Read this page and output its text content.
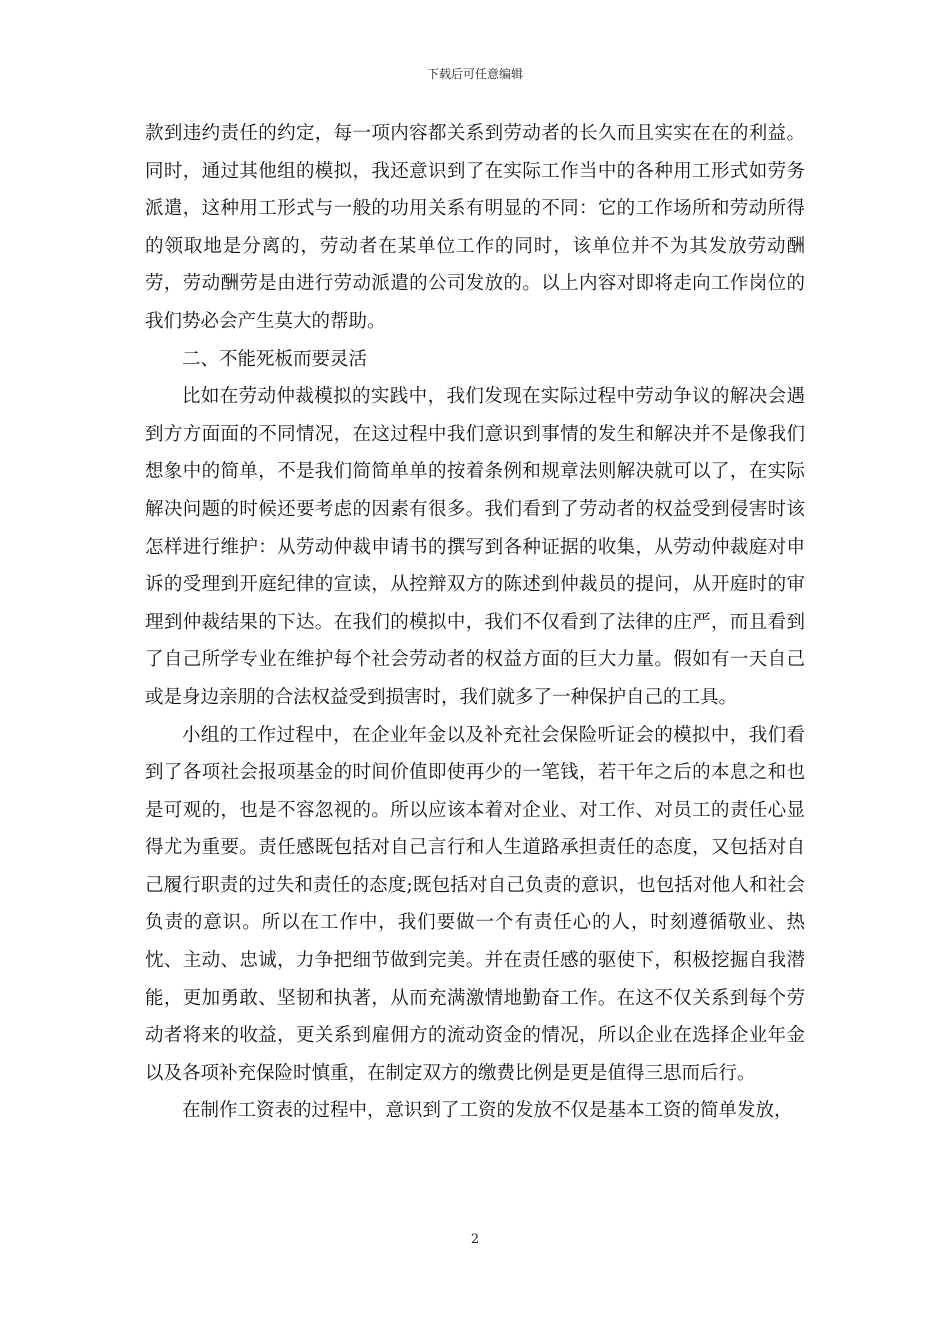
下载后可任意编辑

款到违约责任的约定，每一项内容都关系到劳动者的长久而且实实在在的利益。同时，通过其他组的模拟，我还意识到了在实际工作当中的各种用工形式如劳务派遣，这种用工形式与一般的功用关系有明显的不同：它的工作场所和劳动所得的领取地是分离的，劳动者在某单位工作的同时，该单位并不为其发放劳动酬劳，劳动酬劳是由进行劳动派遣的公司发放的。以上内容对即将走向工作岗位的我们势必会产生莫大的帮助。

二、不能死板而要灵活

比如在劳动仲裁模拟的实践中，我们发现在实际过程中劳动争议的解决会遇到方方面面的不同情况，在这过程中我们意识到事情的发生和解决并不是像我们想象中的简单，不是我们简简单单的按着条例和规章法则解决就可以了，在实际解决问题的时候还要考虑的因素有很多。我们看到了劳动者的权益受到侵害时该怎样进行维护：从劳动仲裁申请书的撰写到各种证据的收集，从劳动仲裁庭对申诉的受理到开庭纪律的宣读，从控辩双方的陈述到仲裁员的提问，从开庭时的审理到仲裁结果的下达。在我们的模拟中，我们不仅看到了法律的庄严，而且看到了自己所学专业在维护每个社会劳动者的权益方面的巨大力量。假如有一天自己或是身边亲朋的合法权益受到损害时，我们就多了一种保护自己的工具。

小组的工作过程中，在企业年金以及补充社会保险听证会的模拟中，我们看到了各项社会报项基金的时间价值即使再少的一笔钱，若干年之后的本息之和也是可观的，也是不容忽视的。所以应该本着对企业、对工作、对员工的责任心显得尤为重要。责任感既包括对自己言行和人生道路承担责任的态度，又包括对自己履行职责的过失和责任的态度;既包括对自己负责的意识，也包括对他人和社会负责的意识。所以在工作中，我们要做一个有责任心的人，时刻遵循敬业、热忱、主动、忠诚，力争把细节做到完美。并在责任感的驱使下，积极挖掘自我潜能，更加勇敢、坚韧和执著，从而充满激情地勤奋工作。在这不仅关系到每个劳动者将来的收益，更关系到雇佣方的流动资金的情况，所以企业在选择企业年金以及各项补充保险时慎重，在制定双方的缴费比例是更是值得三思而后行。

在制作工资表的过程中，意识到了工资的发放不仅是基本工资的简单发放，

2
